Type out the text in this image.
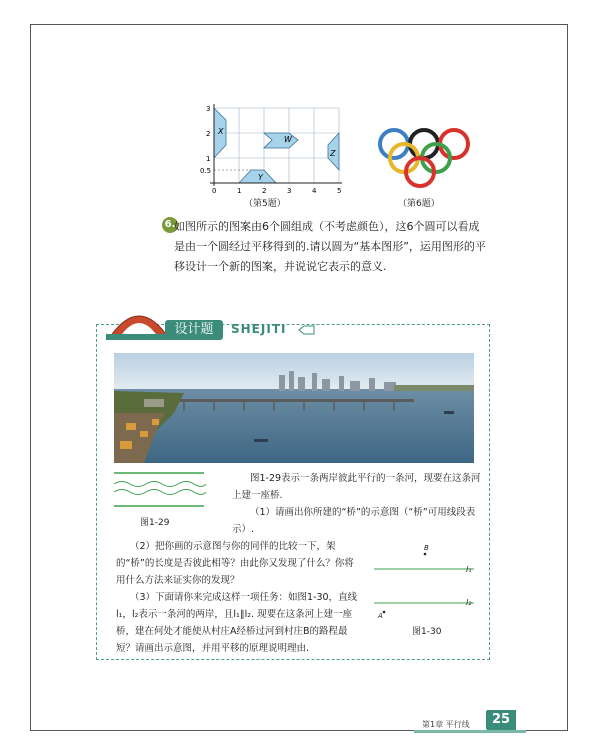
X
W
Y
Z
3
2
1
0.5
0	1	2	3	4	5
（第5题）	（第6题）
6.
如图所示的图案由6个圆组成（不考虑颜色），这6个圆可以看成是由一个圆经过平移得到的.请以圆为“基本图形”，运用图形的平移设计一个新的图案，并说说它表示的意义.
PROJECT
设计题	SHEJITI
图1-29
图1-29表示一条两岸彼此平行的一条河，现要在这条河上建一座桥.
（1）请画出你所建的“桥”的示意图（“桥”可用线段表示）.
（2）把你画的示意图与你的同伴的比较一下，架的“桥”的长度是否彼此相等？由此你又发现了什么？你将用什么方法来证实你的发现？
（3）下面请你来完成这样一项任务：如图1-30，直线l₁，l₂表示一条河的两岸，且l₁∥l₂. 现要在这条河上建一座桥，建在何处才能使从村庄A经桥过河到村庄B的路程最短？请画出示意图，并用平移的原理说明理由.
B
A
l₁
l₂
图1-30
第1章 平行线	25
